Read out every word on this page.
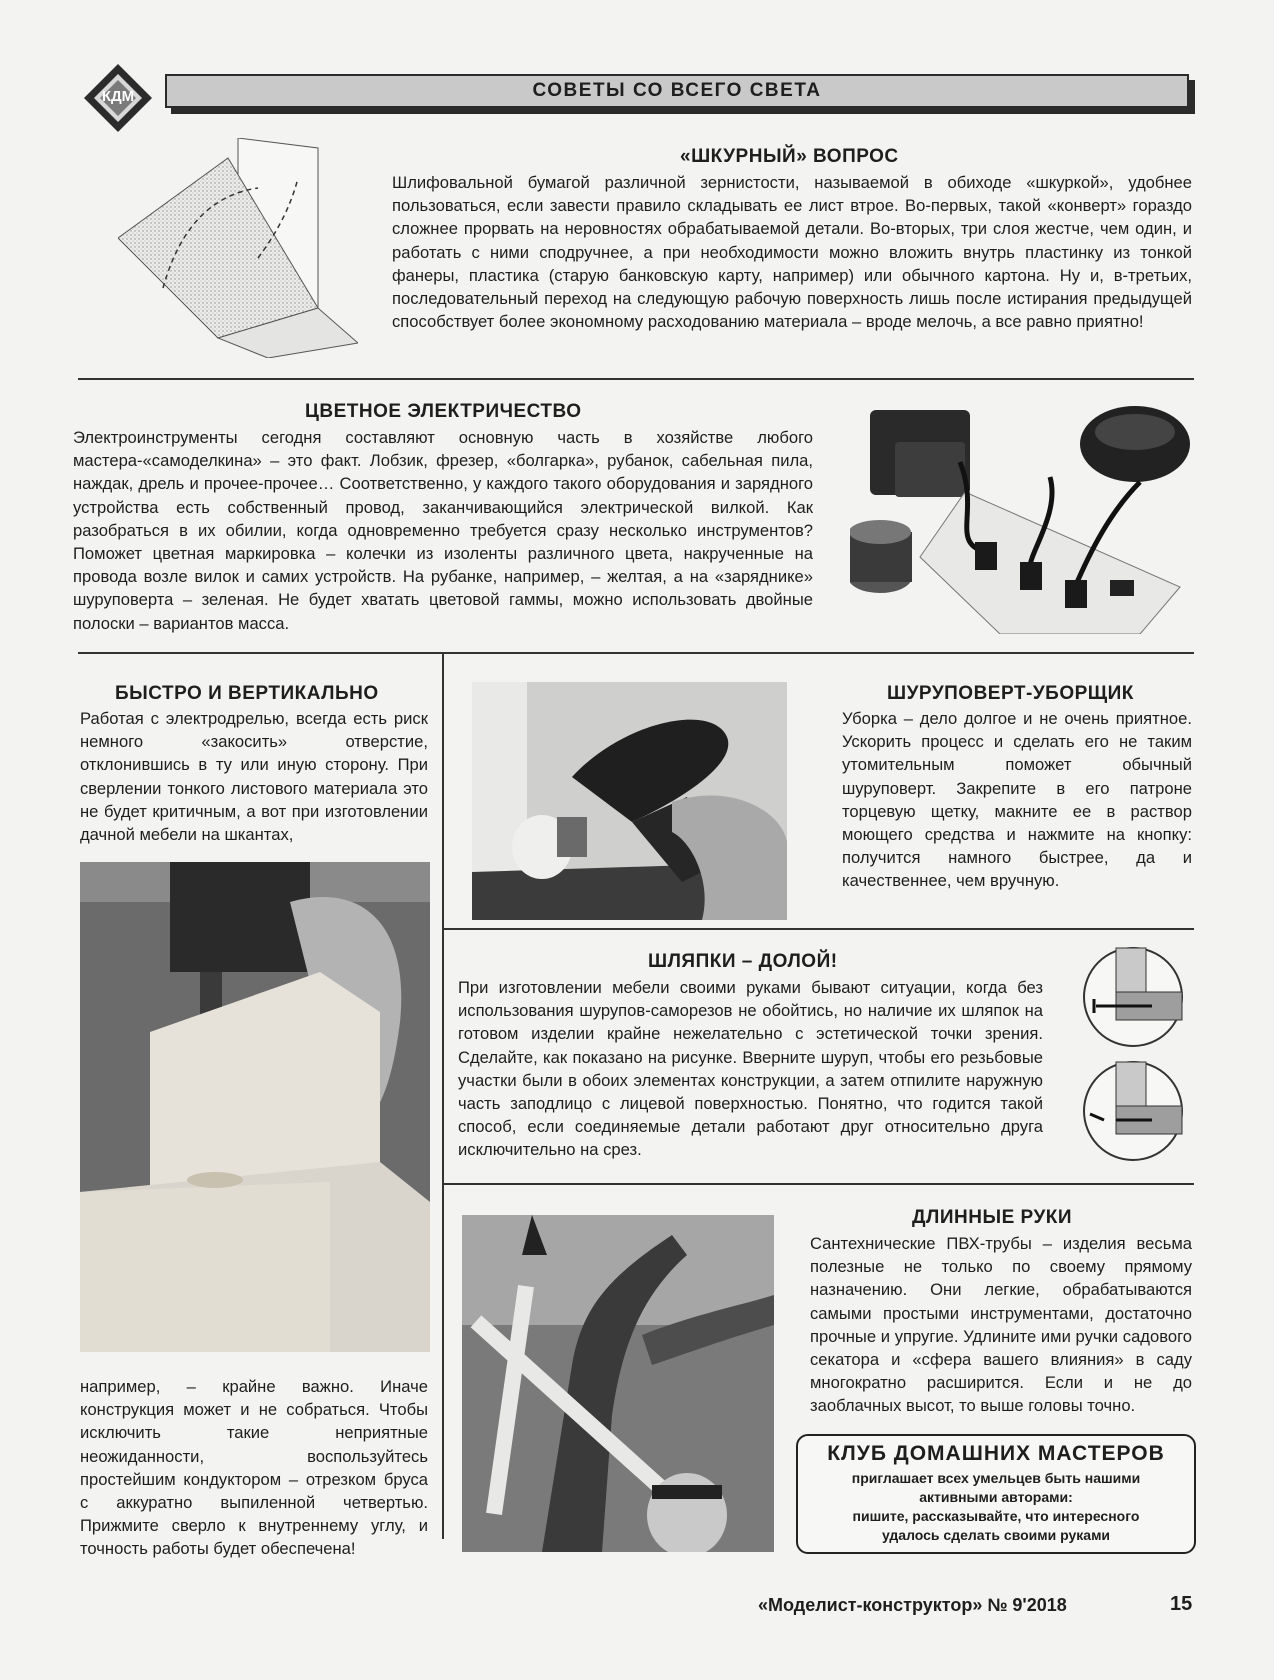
КДМ	СОВЕТЫ СО ВСЕГО СВЕТА
«ШКУРНЫЙ» ВОПРОС
Шлифовальной бумагой различной зернистости, называемой в обиходе «шкуркой», удобнее пользоваться, если завести правило складывать ее лист втрое. Во-первых, такой «конверт» гораздо сложнее прорвать на неровностях обрабатываемой детали. Во-вторых, три слоя жестче, чем один, и работать с ними сподручнее, а при необходимости можно вложить внутрь пластинку из тонкой фанеры, пластика (старую банковскую карту, например) или обычного картона. Ну и, в-третьих, последовательный переход на следующую рабочую поверхность лишь после истирания предыдущей способствует более экономному расходованию материала – вроде мелочь, а все равно приятно!
ЦВЕТНОЕ ЭЛЕКТРИЧЕСТВО
Электроинструменты сегодня составляют основную часть в хозяйстве любого мастера-«самоделкина» – это факт. Лобзик, фрезер, «болгарка», рубанок, сабельная пила, наждак, дрель и прочее-прочее… Соответственно, у каждого такого оборудования и зарядного устройства есть собственный провод, заканчивающийся электрической вилкой. Как разобраться в их обилии, когда одновременно требуется сразу несколько инструментов? Поможет цветная маркировка – колечки из изоленты различного цвета, накрученные на провода возле вилок и самих устройств. На рубанке, например, – желтая, а на «заряднике» шуруповерта – зеленая. Не будет хватать цветовой гаммы, можно использовать двойные полоски – вариантов масса.
БЫСТРО И ВЕРТИКАЛЬНО
Работая с электродрелью, всегда есть риск немного «закосить» отверстие, отклонившись в ту или иную сторону. При сверлении тонкого листового материала это не будет критичным, а вот при изготовлении дачной мебели на шкантах,
например, – крайне важно. Иначе конструкция может и не собраться. Чтобы исключить такие неприятные неожиданности, воспользуйтесь простейшим кондуктором – отрезком бруса с аккуратно выпиленной четвертью. Прижмите сверло к внутреннему углу, и точность работы будет обеспечена!
ШУРУПОВЕРТ-УБОРЩИК
Уборка – дело долгое и не очень приятное. Ускорить процесс и сделать его не таким утомительным поможет обычный шуруповерт. Закрепите в его патроне торцевую щетку, макните ее в раствор моющего средства и нажмите на кнопку: получится намного быстрее, да и качественнее, чем вручную.
ШЛЯПКИ – ДОЛОЙ!
При изготовлении мебели своими руками бывают ситуации, когда без использования шурупов-саморезов не обойтись, но наличие их шляпок на готовом изделии крайне нежелательно с эстетической точки зрения. Сделайте, как показано на рисунке. Вверните шуруп, чтобы его резьбовые участки были в обоих элементах конструкции, а затем отпилите наружную часть заподлицо с лицевой поверхностью. Понятно, что годится такой способ, если соединяемые детали работают друг относительно друга исключительно на срез.
ДЛИННЫЕ РУКИ
Сантехнические ПВХ-трубы – изделия весьма полезные не только по своему прямому назначению. Они легкие, обрабатываются самыми простыми инструментами, достаточно прочные и упругие. Удлините ими ручки садового секатора и «сфера вашего влияния» в саду многократно расширится. Если и не до заоблачных высот, то выше головы точно.
КЛУБ ДОМАШНИХ МАСТЕРОВ
приглашает всех умельцев быть нашими
активными авторами:
пишите, рассказывайте, что интересного
удалось сделать своими руками
«Моделист-конструктор» № 9'2018	15
